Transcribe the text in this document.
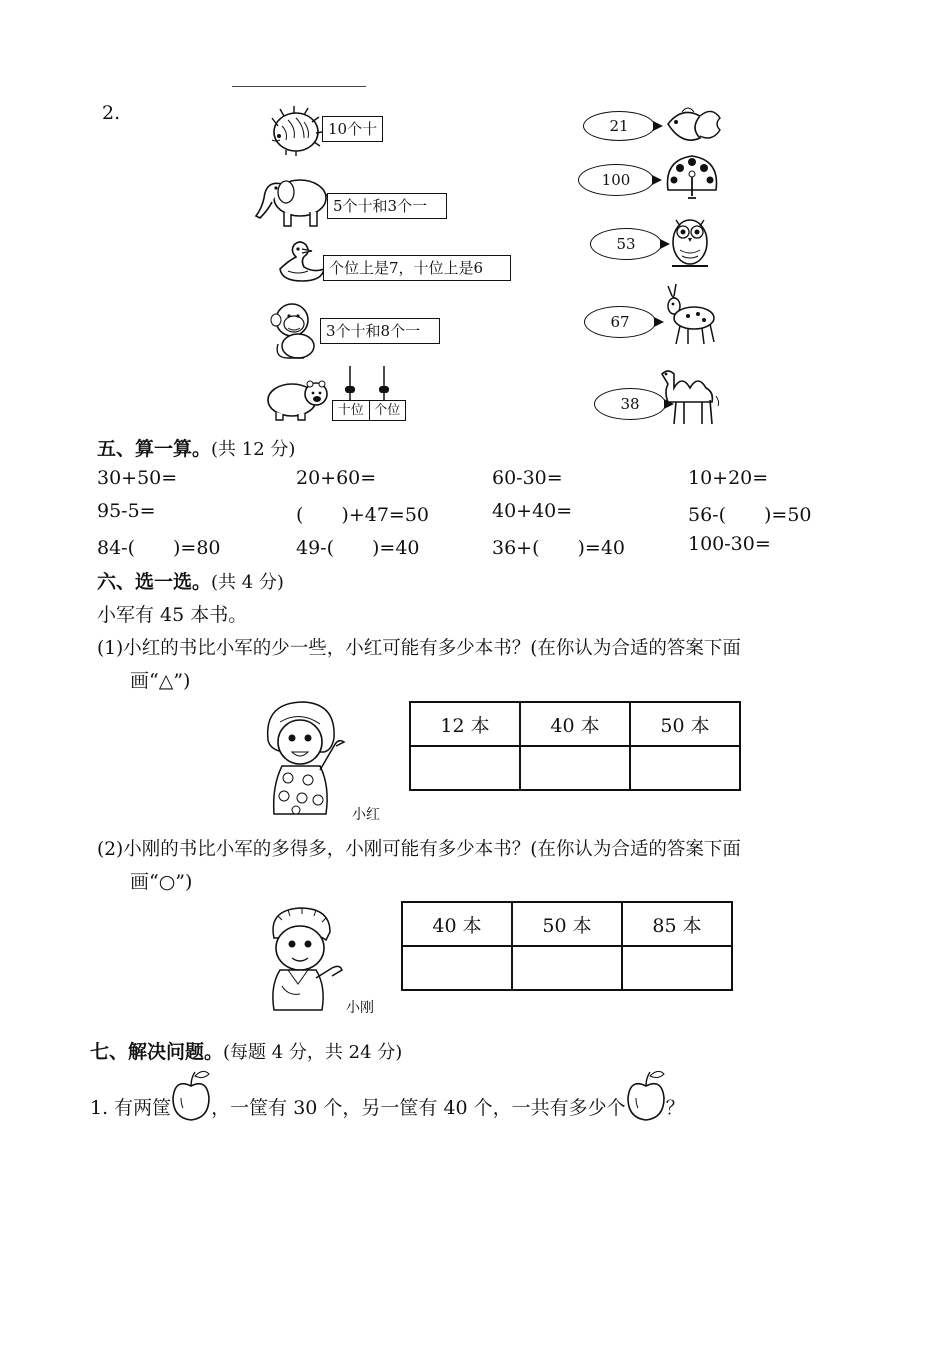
2.
10个十
5个十和3个一
个位上是7，十位上是6
3个十和8个一
十位 个位
21
100
53
67
38
五、算一算。(共 12 分)
30+50=	20+60=	60-30=	10+20=
95-5=	(　　)+47=50	40+40=	56-(　　)=50
84-(　　)=80	49-(　　)=40	36+(　　)=40	100-30=
六、选一选。(共 4 分)
小军有 45 本书。
(1)小红的书比小军的少一些，小红可能有多少本书？(在你认为合适的答案下面
画“△”)
小红
12 本	40 本	50 本

(2)小刚的书比小军的多得多，小刚可能有多少本书？(在你认为合适的答案下面
画“○”)
小刚
40 本	50 本	85 本

七、解决问题。(每题 4 分，共 24 分)
1. 有两筐 ，一筐有 30 个，另一筐有 40 个，一共有多少个 ？
